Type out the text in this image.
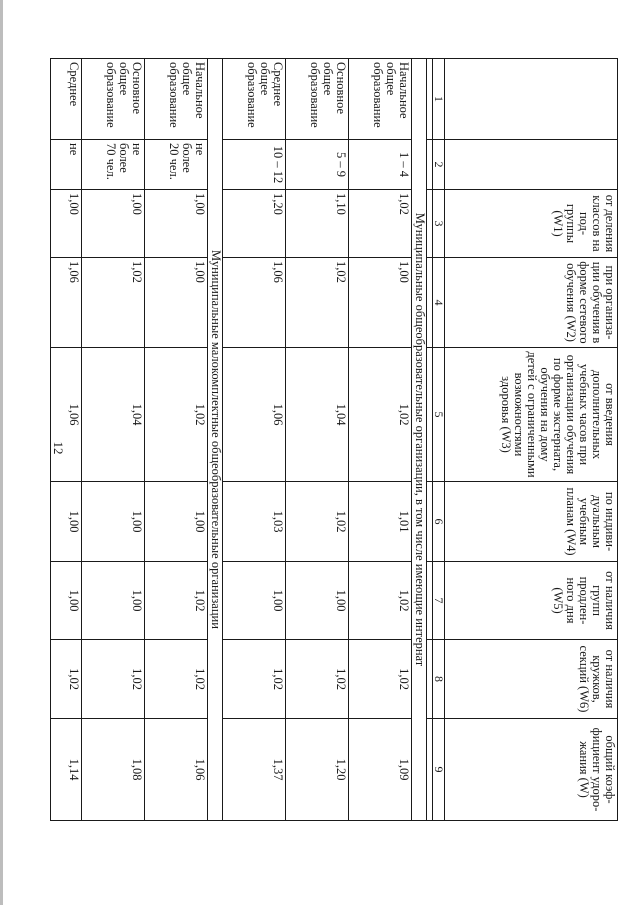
12
		от деления классов на под-группы (W1)	при организа-ции обучения в форме сетевого обучения (W2)	от введения дополнительных учебных часов при организации обучения по форме экстерната, обучения на дому детей с ограниченными возможностями здоровья (W3)	по индиви-дуальным учебным планам (W4)	от наличия групп продлен-ного дня (W5)	от наличия кружков, секций (W6)	общий коэф-фициент удоро-жания (W)
1	2	3	4	5	6	7	8	9

Муниципальные общеобразовательные организации, в том числе имеющие интернат								
Начальное общее образование	1 – 4	1,02	1,00	1,02	1,01	1,02	1,02	1,09
Основное общее образование	5 – 9	1,10	1,02	1,04	1,02	1,00	1,02	1,20
Среднее общее образование	10 – 12	1,20	1,06	1,06	1,03	1,00	1,02	1,37
Муниципальные малокомплектные общеобразовательные организации								
Начальное общее образование	не более 20 чел.	1,00	1,00	1,02	1,00	1,02	1,02	1,06
Основное общее образование	не более 70 чел.	1,00	1,02	1,04	1,00	1,00	1,02	1,08
Среднее	не	1,00	1,06	1,06	1,00	1,00	1,02	1,14
